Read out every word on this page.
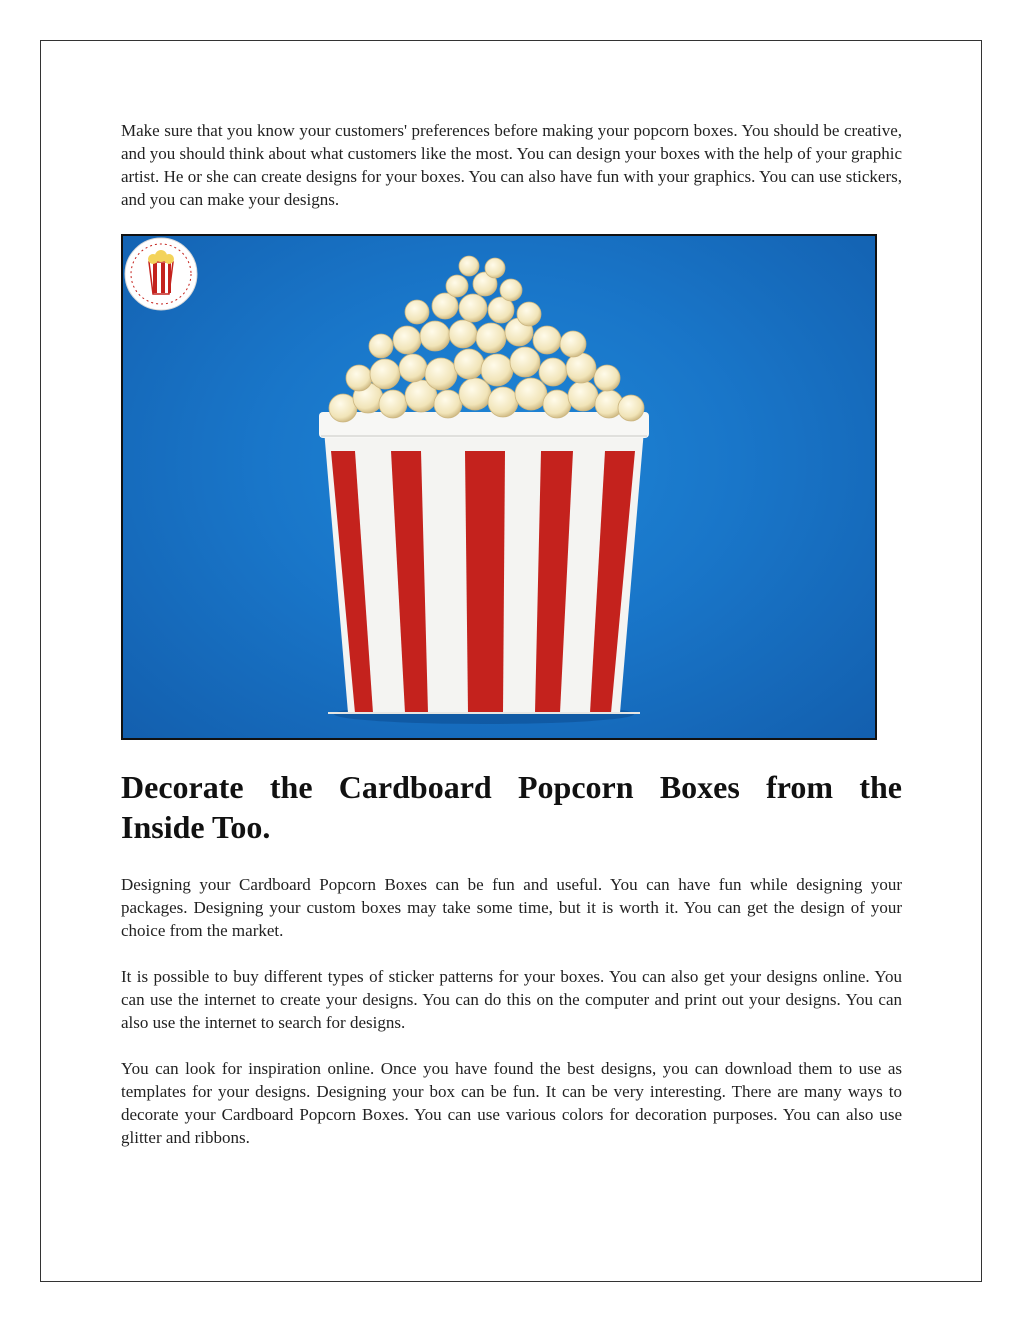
Make sure that you know your customers' preferences before making your popcorn boxes. You should be creative, and you should think about what customers like the most. You can design your boxes with the help of your graphic artist. He or she can create designs for your boxes. You can also have fun with your graphics. You can use stickers, and you can make your designs.

Decorate the Cardboard Popcorn Boxes from the
Inside Too.

Designing your Cardboard Popcorn Boxes can be fun and useful. You can have fun while designing your packages. Designing your custom boxes may take some time, but it is worth it. You can get the design of your choice from the market.

It is possible to buy different types of sticker patterns for your boxes. You can also get your designs online. You can use the internet to create your designs. You can do this on the computer and print out your designs. You can also use the internet to search for designs.

You can look for inspiration online. Once you have found the best designs, you can download them to use as templates for your designs. Designing your box can be fun. It can be very interesting. There are many ways to decorate your Cardboard Popcorn Boxes. You can use various colors for decoration purposes. You can also use glitter and ribbons.
